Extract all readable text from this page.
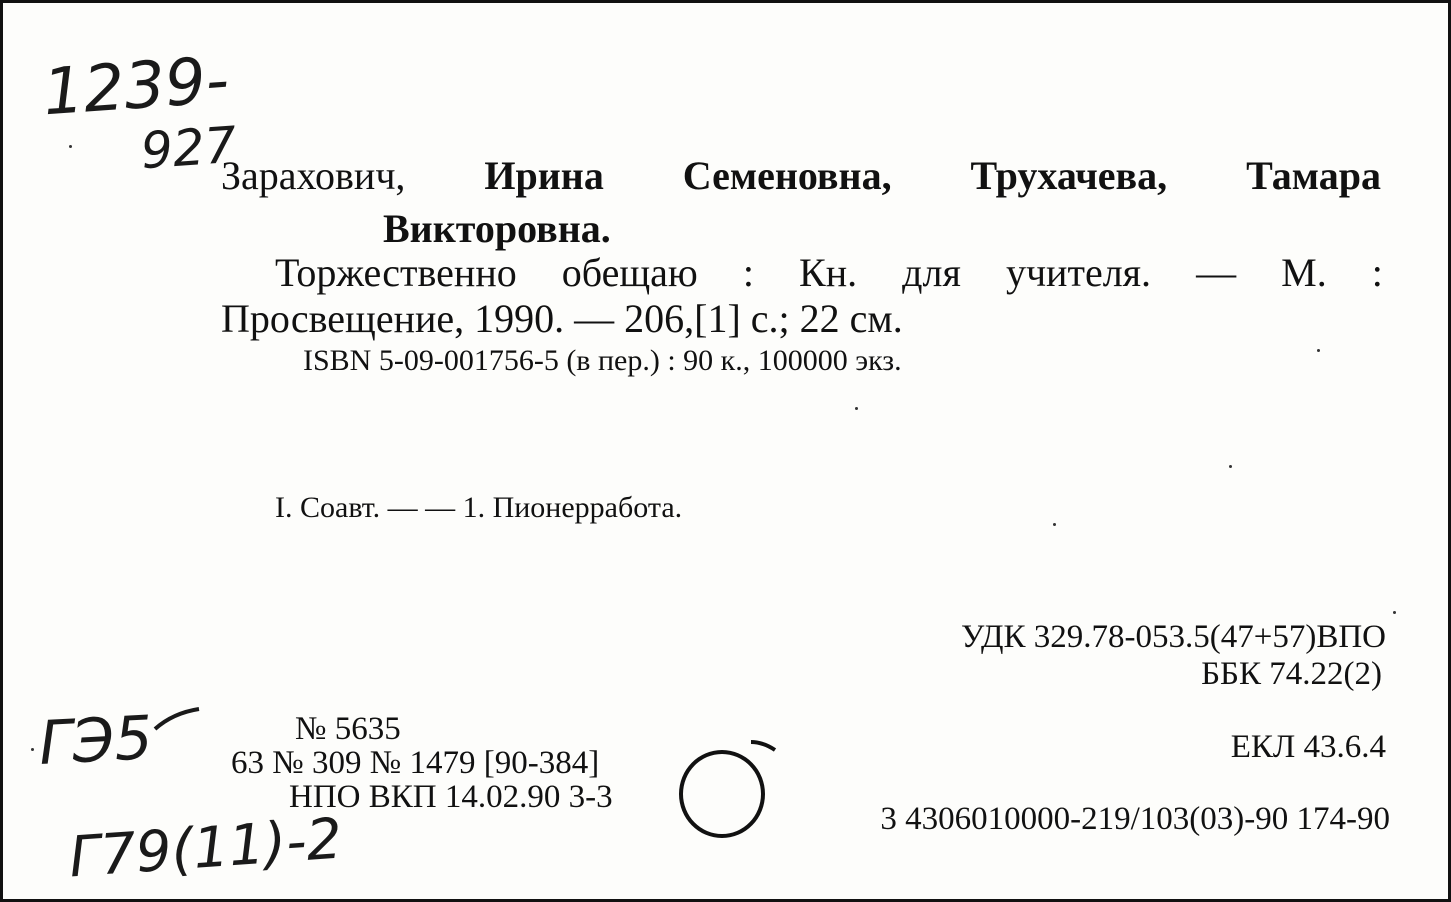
1239-
927
Зарахович, Ирина Семеновна, Трухачева, Тамара
Викторовна.
Торжественно обещаю : Кн. для учителя. — М. :
Просвещение, 1990. — 206,[1] с.; 22 см.
ISBN 5-09-001756-5 (в пер.) : 90 к., 100000 экз.
I. Соавт. — — 1. Пионерработа.
УДК 329.78-053.5(47+57)ВПО
ББК 74.22(2)
ГЭ5	№ 5635
63 № 309 № 1479 [90-384]
НПО ВКП 14.02.90 3-3
ЕКЛ 43.6.4
3 4306010000-219/103(03)-90 174-90
Г79(11)-2
